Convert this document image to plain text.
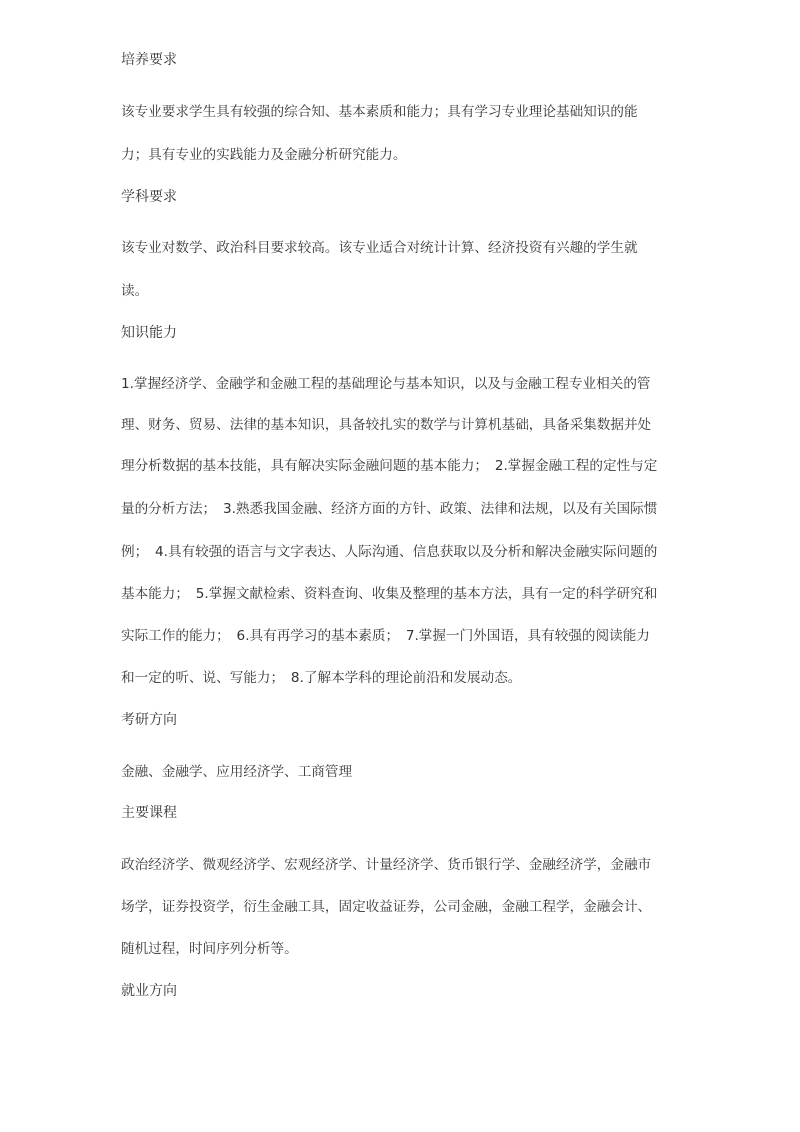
培养要求
该专业要求学生具有较强的综合知、基本素质和能力；具有学习专业理论基础知识的能
力；具有专业的实践能力及金融分析研究能力。
学科要求
该专业对数学、政治科目要求较高。该专业适合对统计计算、经济投资有兴趣的学生就
读。
知识能力
1.掌握经济学、金融学和金融工程的基础理论与基本知识，以及与金融工程专业相关的管
理、财务、贸易、法律的基本知识，具备较扎实的数学与计算机基础，具备采集数据并处
理分析数据的基本技能，具有解决实际金融问题的基本能力；　2.掌握金融工程的定性与定
量的分析方法；　3.熟悉我国金融、经济方面的方针、政策、法律和法规，以及有关国际惯
例；　4.具有较强的语言与文字表达、人际沟通、信息获取以及分析和解决金融实际问题的
基本能力；　5.掌握文献检索、资料查询、收集及整理的基本方法，具有一定的科学研究和
实际工作的能力；　6.具有再学习的基本素质；　7.掌握一门外国语，具有较强的阅读能力
和一定的听、说、写能力；　8.了解本学科的理论前沿和发展动态。
考研方向
金融、金融学、应用经济学、工商管理
主要课程
政治经济学、微观经济学、宏观经济学、计量经济学、货币银行学、金融经济学，金融市
场学，证券投资学，衍生金融工具，固定收益证券，公司金融，金融工程学，金融会计、
随机过程，时间序列分析等。
就业方向
